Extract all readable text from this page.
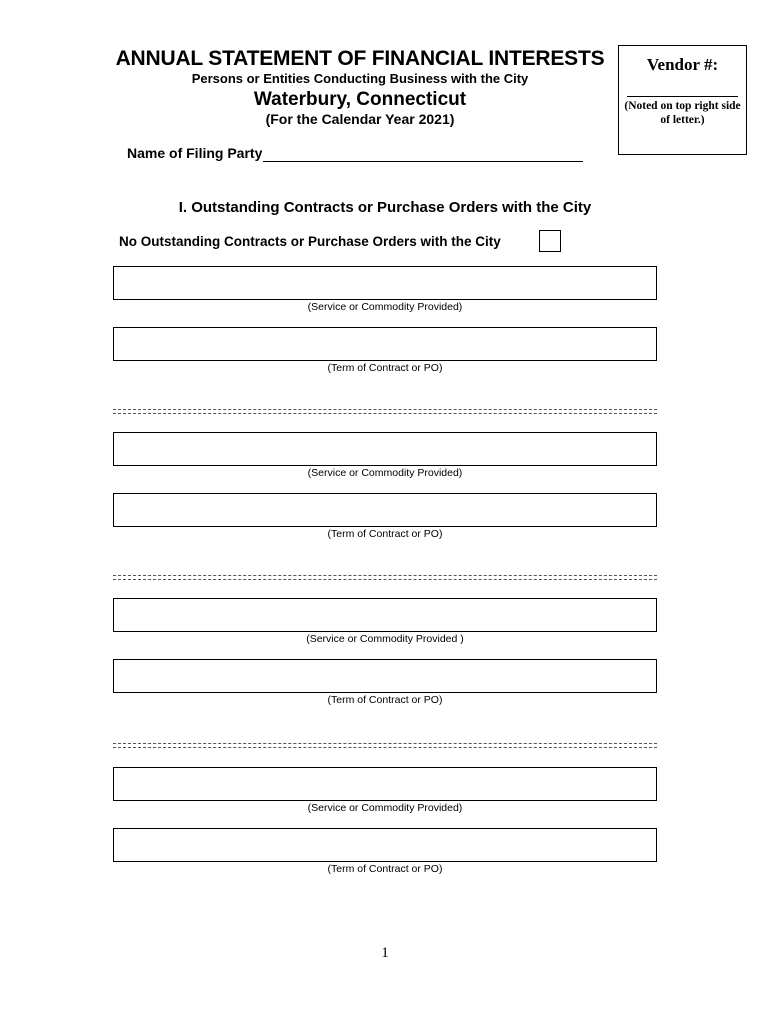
ANNUAL STATEMENT OF FINANCIAL INTERESTS
Persons or Entities Conducting Business with the City
Waterbury, Connecticut
(For the Calendar Year 2021)
Vendor #:
(Noted on top right side of letter.)
Name of Filing Party
I. Outstanding Contracts or Purchase Orders with the City
No Outstanding Contracts or Purchase Orders with the City
(Service or Commodity Provided)
(Term of Contract or PO)
(Service or Commodity Provided)
(Term of Contract or PO)
(Service or Commodity Provided )
(Term of Contract or PO)
(Service or Commodity Provided)
(Term of Contract or PO)
1
